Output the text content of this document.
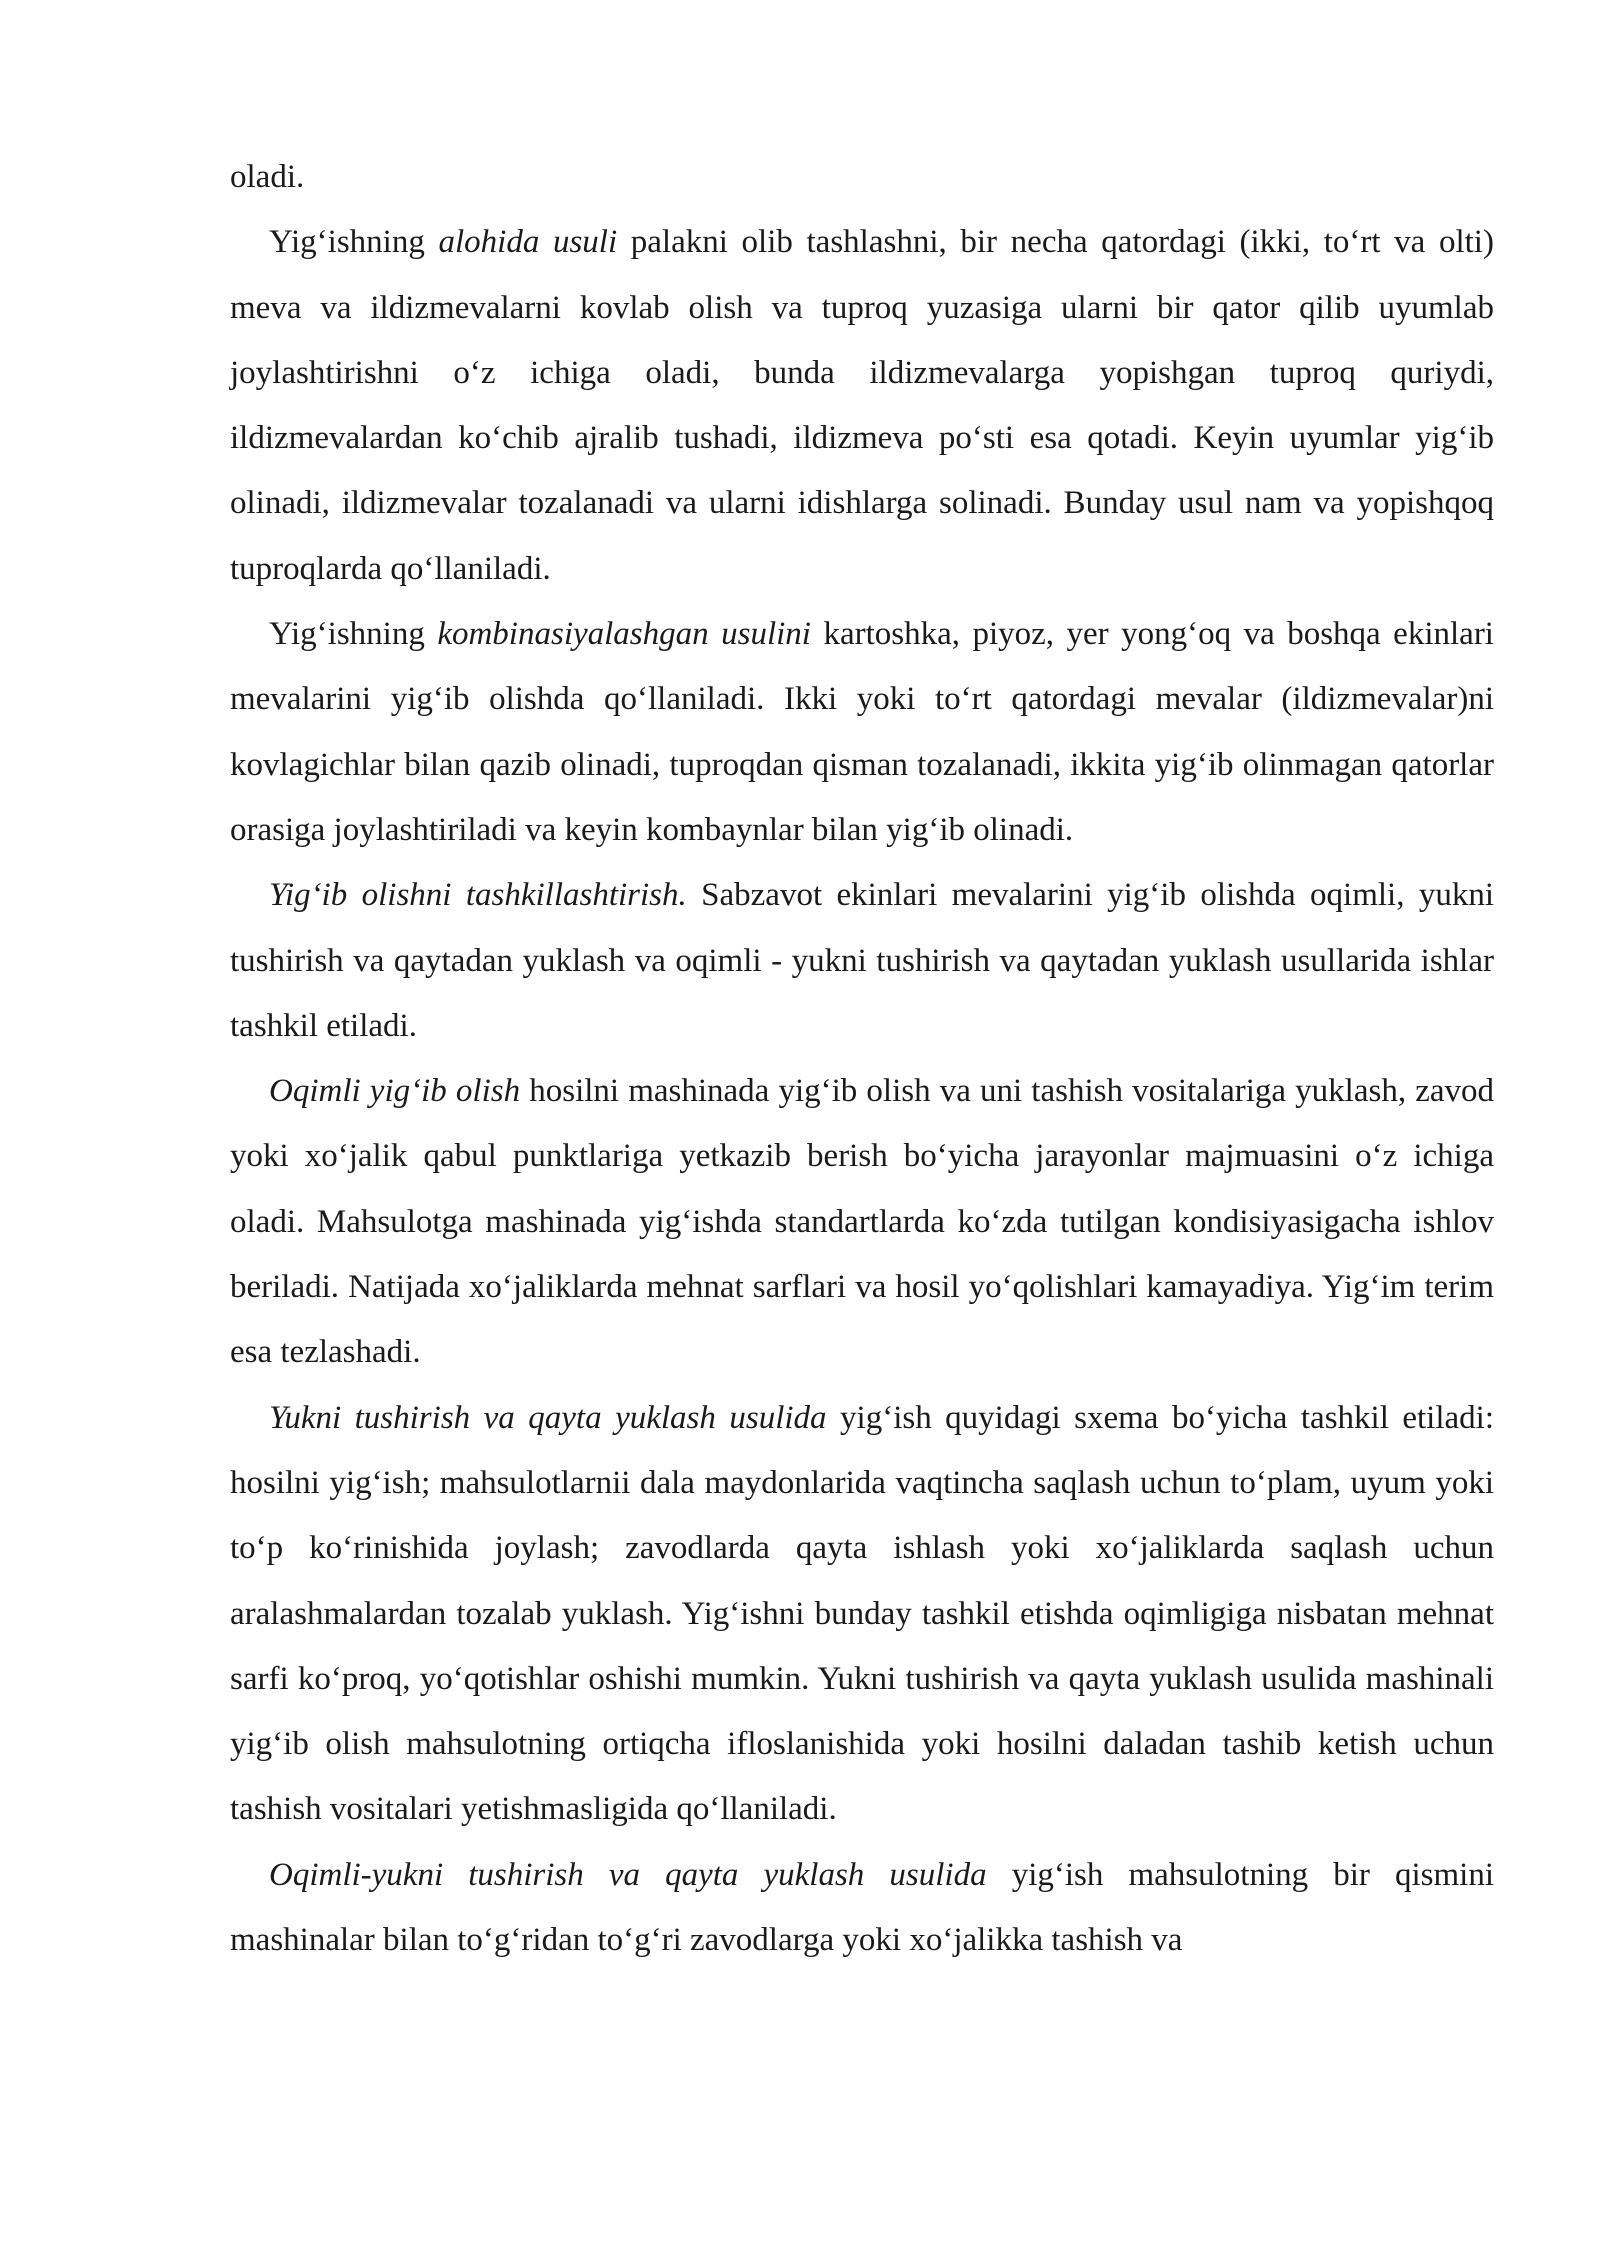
oladi.

Yig‘ishning alohida usuli palakni olib tashlashni, bir necha qatordagi (ikki, to‘rt va olti) meva va ildizmevalarni kovlab olish va tuproq yuzasiga ularni bir qator qilib uyumlab joylashtirishni o‘z ichiga oladi, bunda ildizmevalarga yopishgan tuproq quriydi, ildizmevalardan ko‘chib ajralib tushadi, ildizmeva po‘sti esa qotadi. Keyin uyumlar yig‘ib olinadi, ildizmevalar tozalanadi va ularni idishlarga solinadi. Bunday usul nam va yopishqoq tuproqlarda qo‘llaniladi.

Yig‘ishning kombinasiyalashgan usulini kartoshka, piyoz, yer yong‘oq va boshqa ekinlari mevalarini yig‘ib olishda qo‘llaniladi. Ikki yoki to‘rt qatordagi mevalar (ildizmevalar)ni kovlagichlar bilan qazib olinadi, tuproqdan qisman tozalanadi, ikkita yig‘ib olinmagan qatorlar orasiga joylashtiriladi va keyin kombaynlar bilan yig‘ib olinadi.

Yig‘ib olishni tashkillashtirish. Sabzavot ekinlari mevalarini yig‘ib olishda oqimli, yukni tushirish va qaytadan yuklash va oqimli - yukni tushirish va qaytadan yuklash usullarida ishlar tashkil etiladi.

Oqimli yig‘ib olish hosilni mashinada yig‘ib olish va uni tashish vositalariga yuklash, zavod yoki xo‘jalik qabul punktlariga yetkazib berish bo‘yicha jarayonlar majmuasini o‘z ichiga oladi. Mahsulotga mashinada yig‘ishda standartlarda ko‘zda tutilgan kondisiyasigacha ishlov beriladi. Natijada xo‘jaliklarda mehnat sarflari va hosil yo‘qolishlari kamayadiya. Yig‘im terim esa tezlashadi.

Yukni tushirish va qayta yuklash usulida yig‘ish quyidagi sxema bo‘yicha tashkil etiladi: hosilni yig‘ish; mahsulotlarnii dala maydonlarida vaqtincha saqlash uchun to‘plam, uyum yoki to‘p ko‘rinishida joylash; zavodlarda qayta ishlash yoki xo‘jaliklarda saqlash uchun aralashmalardan tozalab yuklash. Yig‘ishni bunday tashkil etishda oqimligiga nisbatan mehnat sarfi ko‘proq, yo‘qotishlar oshishi mumkin. Yukni tushirish va qayta yuklash usulida mashinali yig‘ib olish mahsulotning ortiqcha ifloslanishida yoki hosilni daladan tashib ketish uchun tashish vositalari yetishmasligida qo‘llaniladi.

Oqimli-yukni tushirish va qayta yuklash usulida yig‘ish mahsulotning bir qismini mashinalar bilan to‘g‘ridan to‘g‘ri zavodlarga yoki xo‘jalikka tashish va
